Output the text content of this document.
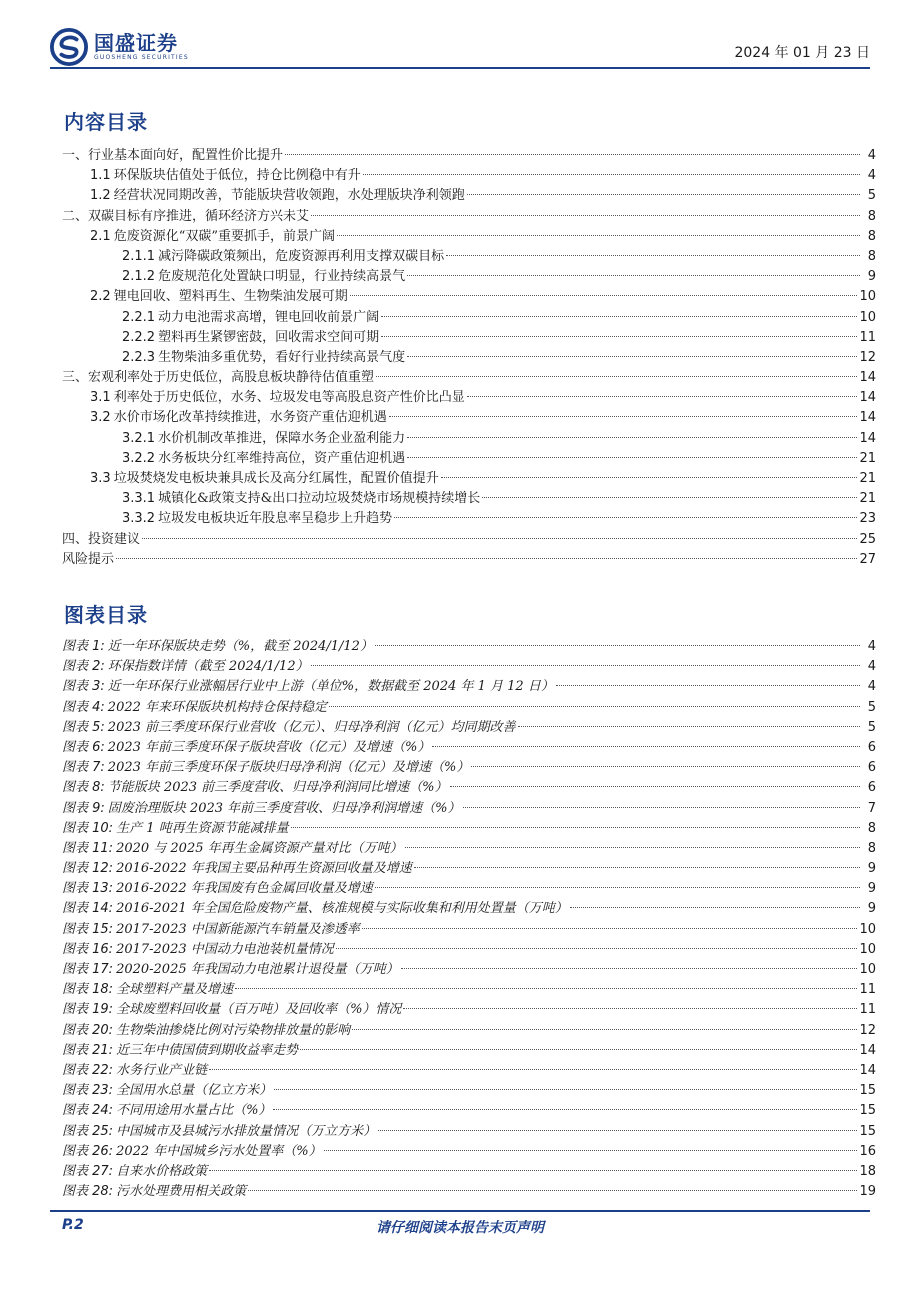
国盛证券
GUOSHENG SECURITIES	2024 年 01 月 23 日
内容目录
一、行业基本面向好，配置性价比提升	4
1.1 环保版块估值处于低位，持仓比例稳中有升	4
1.2 经营状况同期改善，节能版块营收领跑，水处理版块净利领跑	5
二、双碳目标有序推进，循环经济方兴未艾	8
2.1 危废资源化“双碳”重要抓手，前景广阔	8
2.1.1 减污降碳政策频出，危废资源再利用支撑双碳目标	8
2.1.2 危废规范化处置缺口明显，行业持续高景气	9
2.2 锂电回收、塑料再生、生物柴油发展可期	10
2.2.1 动力电池需求高增，锂电回收前景广阔	10
2.2.2 塑料再生紧锣密鼓，回收需求空间可期	11
2.2.3 生物柴油多重优势，看好行业持续高景气度	12
三、宏观利率处于历史低位，高股息板块静待估值重塑	14
3.1 利率处于历史低位，水务、垃圾发电等高股息资产性价比凸显	14
3.2 水价市场化改革持续推进，水务资产重估迎机遇	14
3.2.1 水价机制改革推进，保障水务企业盈利能力	14
3.2.2 水务板块分红率维持高位，资产重估迎机遇	21
3.3 垃圾焚烧发电板块兼具成长及高分红属性，配置价值提升	21
3.3.1 城镇化&政策支持&出口拉动垃圾焚烧市场规模持续增长	21
3.3.2 垃圾发电板块近年股息率呈稳步上升趋势	23
四、投资建议	25
风险提示	27
图表目录
图表 1: 近一年环保版块走势（%，截至 2024/1/12）	4
图表 2: 环保指数详情（截至 2024/1/12）	4
图表 3: 近一年环保行业涨幅居行业中上游（单位%，数据截至 2024 年 1 月 12 日）	4
图表 4: 2022 年来环保版块机构持仓保持稳定	5
图表 5: 2023 前三季度环保行业营收（亿元）、归母净利润（亿元）均同期改善	5
图表 6: 2023 年前三季度环保子版块营收（亿元）及增速（%）	6
图表 7: 2023 年前三季度环保子版块归母净利润（亿元）及增速（%）	6
图表 8: 节能版块 2023 前三季度营收、归母净利润同比增速（%）	6
图表 9: 固废治理版块 2023 年前三季度营收、归母净利润增速（%）	7
图表 10: 生产 1 吨再生资源节能减排量	8
图表 11: 2020 与 2025 年再生金属资源产量对比（万吨）	8
图表 12: 2016-2022 年我国主要品种再生资源回收量及增速	9
图表 13: 2016-2022 年我国废有色金属回收量及增速	9
图表 14: 2016-2021 年全国危险废物产量、核准规模与实际收集和利用处置量（万吨）	9
图表 15: 2017-2023 中国新能源汽车销量及渗透率	10
图表 16: 2017-2023 中国动力电池装机量情况	10
图表 17: 2020-2025 年我国动力电池累计退役量（万吨）	10
图表 18: 全球塑料产量及增速	11
图表 19: 全球废塑料回收量（百万吨）及回收率（%）情况	11
图表 20: 生物柴油掺烧比例对污染物排放量的影响	12
图表 21: 近三年中债国债到期收益率走势	14
图表 22: 水务行业产业链	14
图表 23: 全国用水总量（亿立方米）	15
图表 24: 不同用途用水量占比（%）	15
图表 25: 中国城市及县城污水排放量情况（万立方米）	15
图表 26: 2022 年中国城乡污水处置率（%）	16
图表 27: 自来水价格政策	18
图表 28: 污水处理费用相关政策	19
请仔细阅读本报告末页声明
P.2
